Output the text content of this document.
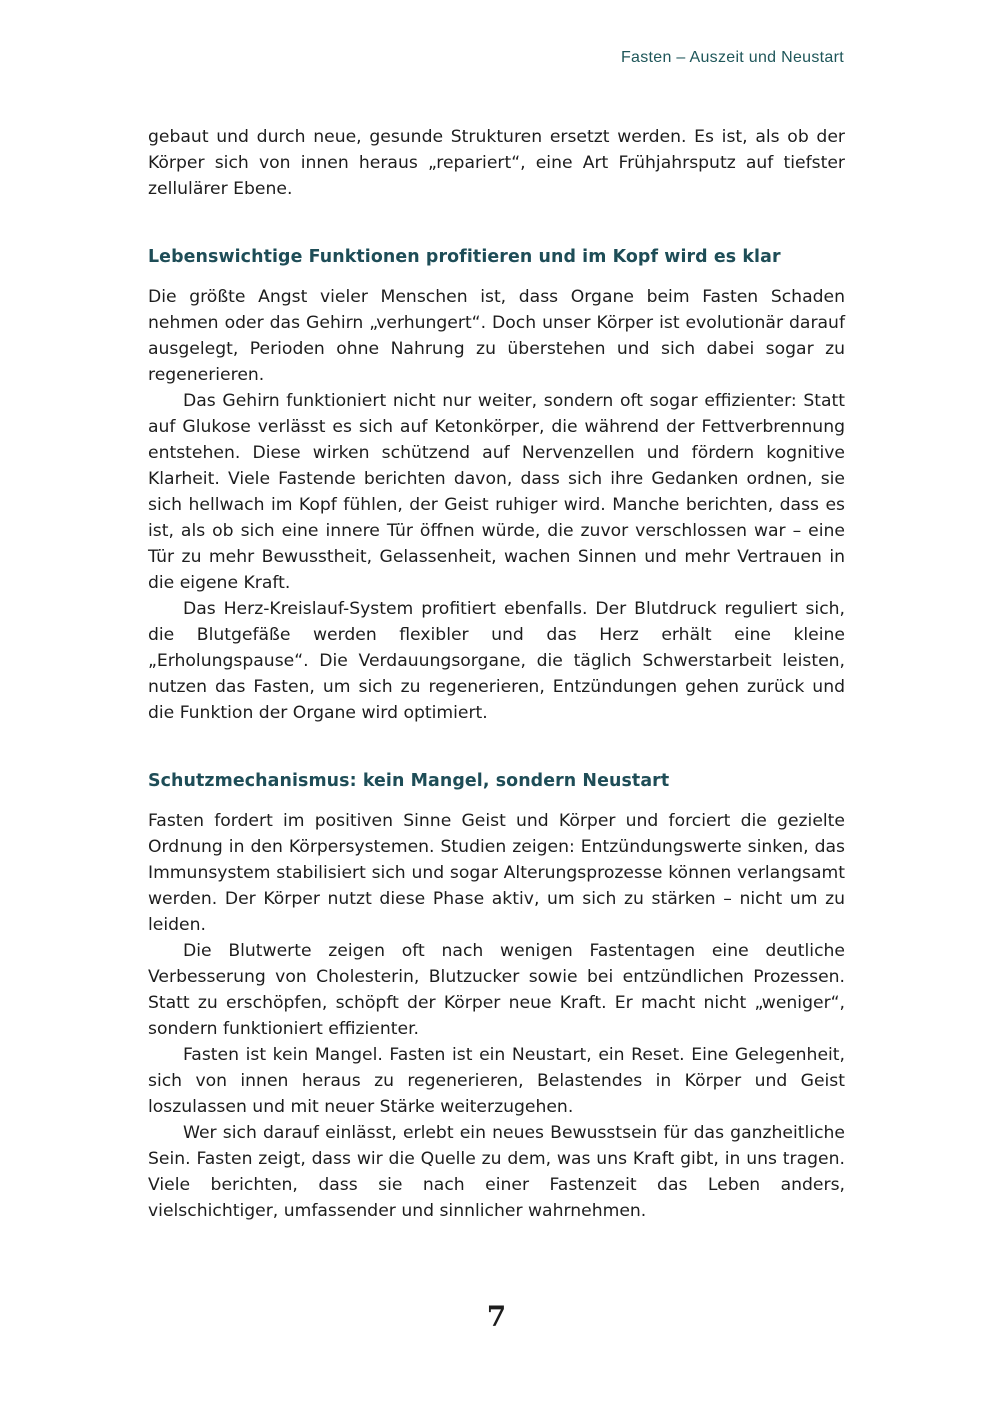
Fasten – Auszeit und Neustart

gebaut und durch neue, gesunde Strukturen ersetzt werden. Es ist, als ob der Körper sich von innen heraus „repariert“, eine Art Frühjahrsputz auf tiefster zellulärer Ebene.

Lebenswichtige Funktionen profitieren und im Kopf wird es klar

Die größte Angst vieler Menschen ist, dass Organe beim Fasten Schaden nehmen oder das Gehirn „verhungert“. Doch unser Körper ist evolutionär darauf ausgelegt, Perioden ohne Nahrung zu überstehen und sich dabei sogar zu regenerieren.

Das Gehirn funktioniert nicht nur weiter, sondern oft sogar effizienter: Statt auf Glukose verlässt es sich auf Ketonkörper, die während der Fettverbrennung entstehen. Diese wirken schützend auf Nervenzellen und fördern kognitive Klarheit. Viele Fastende berichten davon, dass sich ihre Gedanken ordnen, sie sich hellwach im Kopf fühlen, der Geist ruhiger wird. Manche berichten, dass es ist, als ob sich eine innere Tür öffnen würde, die zuvor verschlossen war – eine Tür zu mehr Bewusstheit, Gelassenheit, wachen Sinnen und mehr Vertrauen in die eigene Kraft.

Das Herz-Kreislauf-System profitiert ebenfalls. Der Blutdruck reguliert sich, die Blutgefäße werden flexibler und das Herz erhält eine kleine „Erholungspause“. Die Verdauungsorgane, die täglich Schwerstarbeit leisten, nutzen das Fasten, um sich zu regenerieren, Entzündungen gehen zurück und die Funktion der Organe wird optimiert.

Schutzmechanismus: kein Mangel, sondern Neustart

Fasten fordert im positiven Sinne Geist und Körper und forciert die gezielte Ordnung in den Körpersystemen. Studien zeigen: Entzündungswerte sinken, das Immunsystem stabilisiert sich und sogar Alterungsprozesse können verlangsamt werden. Der Körper nutzt diese Phase aktiv, um sich zu stärken – nicht um zu leiden.

Die Blutwerte zeigen oft nach wenigen Fastentagen eine deutliche Verbesserung von Cholesterin, Blutzucker sowie bei entzündlichen Prozessen. Statt zu erschöpfen, schöpft der Körper neue Kraft. Er macht nicht „weniger“, sondern funktioniert effizienter.

Fasten ist kein Mangel. Fasten ist ein Neustart, ein Reset. Eine Gelegenheit, sich von innen heraus zu regenerieren, Belastendes in Körper und Geist loszulassen und mit neuer Stärke weiterzugehen.

Wer sich darauf einlässt, erlebt ein neues Bewusstsein für das ganzheitliche Sein. Fasten zeigt, dass wir die Quelle zu dem, was uns Kraft gibt, in uns tragen. Viele berichten, dass sie nach einer Fastenzeit das Leben anders, vielschichtiger, umfassender und sinnlicher wahrnehmen.

7
